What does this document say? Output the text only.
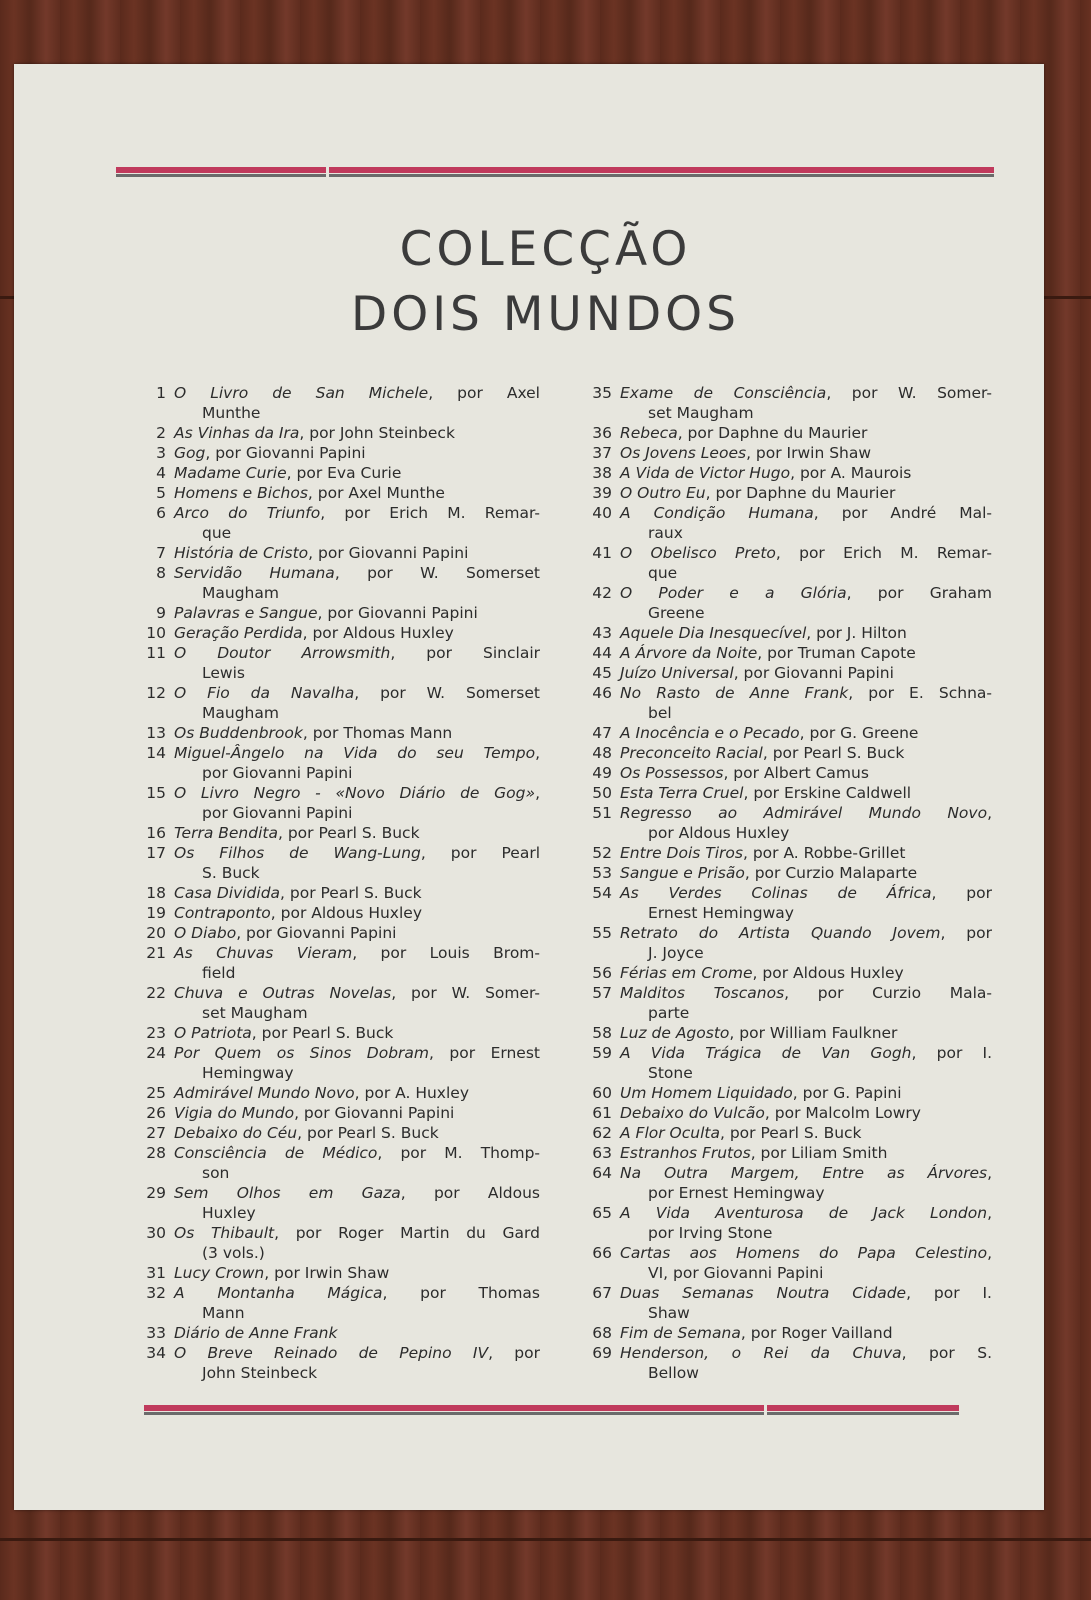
COLECÇÃO
DOIS MUNDOS
1 O Livro de San Michele, por Axel
Munthe
2 As Vinhas da Ira, por John Steinbeck
3 Gog, por Giovanni Papini
4 Madame Curie, por Eva Curie
5 Homens e Bichos, por Axel Munthe
6 Arco do Triunfo, por Erich M. Remar-
que
7 História de Cristo, por Giovanni Papini
8 Servidão Humana, por W. Somerset
Maugham
9 Palavras e Sangue, por Giovanni Papini
10 Geração Perdida, por Aldous Huxley
11 O Doutor Arrowsmith, por Sinclair
Lewis
12 O Fio da Navalha, por W. Somerset
Maugham
13 Os Buddenbrook, por Thomas Mann
14 Miguel-Ângelo na Vida do seu Tempo,
por Giovanni Papini
15 O Livro Negro - «Novo Diário de Gog»,
por Giovanni Papini
16 Terra Bendita, por Pearl S. Buck
17 Os Filhos de Wang-Lung, por Pearl
S. Buck
18 Casa Dividida, por Pearl S. Buck
19 Contraponto, por Aldous Huxley
20 O Diabo, por Giovanni Papini
21 As Chuvas Vieram, por Louis Brom-
field
22 Chuva e Outras Novelas, por W. Somer-
set Maugham
23 O Patriota, por Pearl S. Buck
24 Por Quem os Sinos Dobram, por Ernest
Hemingway
25 Admirável Mundo Novo, por A. Huxley
26 Vigia do Mundo, por Giovanni Papini
27 Debaixo do Céu, por Pearl S. Buck
28 Consciência de Médico, por M. Thomp-
son
29 Sem Olhos em Gaza, por Aldous
Huxley
30 Os Thibault, por Roger Martin du Gard
(3 vols.)
31 Lucy Crown, por Irwin Shaw
32 A Montanha Mágica, por Thomas
Mann
33 Diário de Anne Frank
34 O Breve Reinado de Pepino IV, por
John Steinbeck
35 Exame de Consciência, por W. Somer-
set Maugham
36 Rebeca, por Daphne du Maurier
37 Os Jovens Leoes, por Irwin Shaw
38 A Vida de Victor Hugo, por A. Maurois
39 O Outro Eu, por Daphne du Maurier
40 A Condição Humana, por André Mal-
raux
41 O Obelisco Preto, por Erich M. Remar-
que
42 O Poder e a Glória, por Graham
Greene
43 Aquele Dia Inesquecível, por J. Hilton
44 A Árvore da Noite, por Truman Capote
45 Juízo Universal, por Giovanni Papini
46 No Rasto de Anne Frank, por E. Schna-
bel
47 A Inocência e o Pecado, por G. Greene
48 Preconceito Racial, por Pearl S. Buck
49 Os Possessos, por Albert Camus
50 Esta Terra Cruel, por Erskine Caldwell
51 Regresso ao Admirável Mundo Novo,
por Aldous Huxley
52 Entre Dois Tiros, por A. Robbe-Grillet
53 Sangue e Prisão, por Curzio Malaparte
54 As Verdes Colinas de África, por
Ernest Hemingway
55 Retrato do Artista Quando Jovem, por
J. Joyce
56 Férias em Crome, por Aldous Huxley
57 Malditos Toscanos, por Curzio Mala-
parte
58 Luz de Agosto, por William Faulkner
59 A Vida Trágica de Van Gogh, por I.
Stone
60 Um Homem Liquidado, por G. Papini
61 Debaixo do Vulcão, por Malcolm Lowry
62 A Flor Oculta, por Pearl S. Buck
63 Estranhos Frutos, por Liliam Smith
64 Na Outra Margem, Entre as Árvores,
por Ernest Hemingway
65 A Vida Aventurosa de Jack London,
por Irving Stone
66 Cartas aos Homens do Papa Celestino,
VI, por Giovanni Papini
67 Duas Semanas Noutra Cidade, por I.
Shaw
68 Fim de Semana, por Roger Vailland
69 Henderson, o Rei da Chuva, por S.
Bellow
